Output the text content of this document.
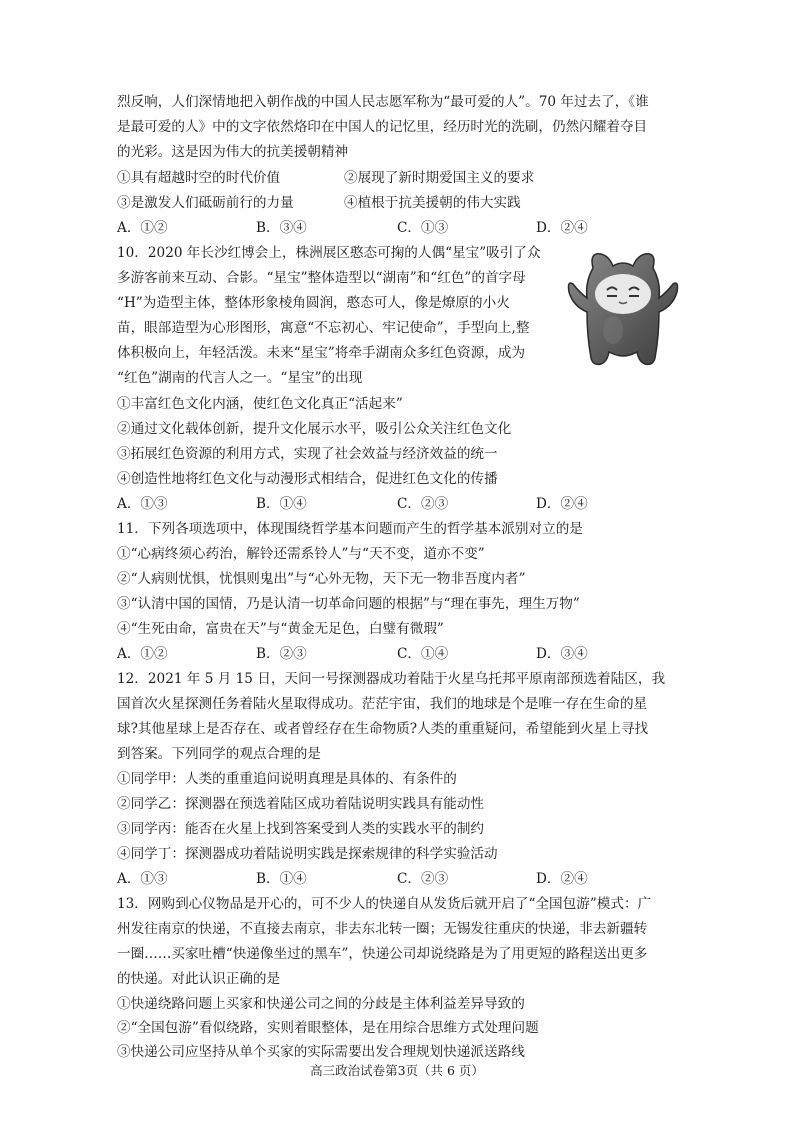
烈反响，人们深情地把入朝作战的中国人民志愿军称为“最可爱的人”。70 年过去了，《谁
是最可爱的人》中的文字依然烙印在中国人的记忆里，经历时光的洗刷，仍然闪耀着夺目
的光彩。这是因为伟大的抗美援朝精神
①具有超越时空的时代价值	②展现了新时期爱国主义的要求
③是激发人们砥砺前行的力量	④植根于抗美援朝的伟大实践
A．①②	B．③④	C．①③	D．②④
10．2020 年长沙红博会上，株洲展区憨态可掬的人偶“星宝”吸引了众
多游客前来互动、合影。“星宝”整体造型以“湖南”和“红色”的首字母
“H”为造型主体，整体形象棱角圆润，憨态可人，像是燎原的小火
苗，眼部造型为心形图形，寓意“不忘初心、牢记使命”，手型向上,整
体积极向上，年轻活泼。未来“星宝”将牵手湖南众多红色资源，成为
“红色”湖南的代言人之一。“星宝”的出现
①丰富红色文化内涵，使红色文化真正“活起来”
②通过文化载体创新，提升文化展示水平，吸引公众关注红色文化
③拓展红色资源的利用方式，实现了社会效益与经济效益的统一
④创造性地将红色文化与动漫形式相结合，促进红色文化的传播
A．①③	B．①④	C．②③	D．②④
11．下列各项选项中，体现围绕哲学基本问题而产生的哲学基本派别对立的是
①“心病终须心药治，解铃还需系铃人”与“天不变，道亦不变”
②“人病则忧惧，忧惧则鬼出”与“心外无物，天下无一物非吾度内者”
③“认清中国的国情，乃是认清一切革命问题的根据”与“理在事先，理生万物”
④“生死由命，富贵在天”与“黄金无足色，白璧有微瑕”
A．①②	B．②③	C．①④	D．③④
12．2021 年 5 月 15 日，天问一号探测器成功着陆于火星乌托邦平原南部预选着陆区，我
国首次火星探测任务着陆火星取得成功。茫茫宇宙，我们的地球是个是唯一存在生命的星
球?其他星球上是否存在、或者曾经存在生命物质?人类的重重疑问，希望能到火星上寻找
到答案。下列同学的观点合理的是
①同学甲：人类的重重追问说明真理是具体的、有条件的
②同学乙：探测器在预选着陆区成功着陆说明实践具有能动性
③同学丙：能否在火星上找到答案受到人类的实践水平的制约
④同学丁：探测器成功着陆说明实践是探索规律的科学实验活动
A．①③	B．①④	C．②③	D．②④
13．网购到心仪物品是开心的，可不少人的快递自从发货后就开启了“全国包游”模式：广
州发往南京的快递，不直接去南京，非去东北转一圈；无锡发往重庆的快递，非去新疆转
一圈……买家吐槽“快递像坐过的黑车”，快递公司却说绕路是为了用更短的路程送出更多
的快递。对此认识正确的是
①快递绕路问题上买家和快递公司之间的分歧是主体利益差异导致的
②“全国包游”看似绕路，实则着眼整体，是在用综合思维方式处理问题
③快递公司应坚持从单个买家的实际需要出发合理规划快递派送路线
高三政治试卷第3页（共 6 页）
